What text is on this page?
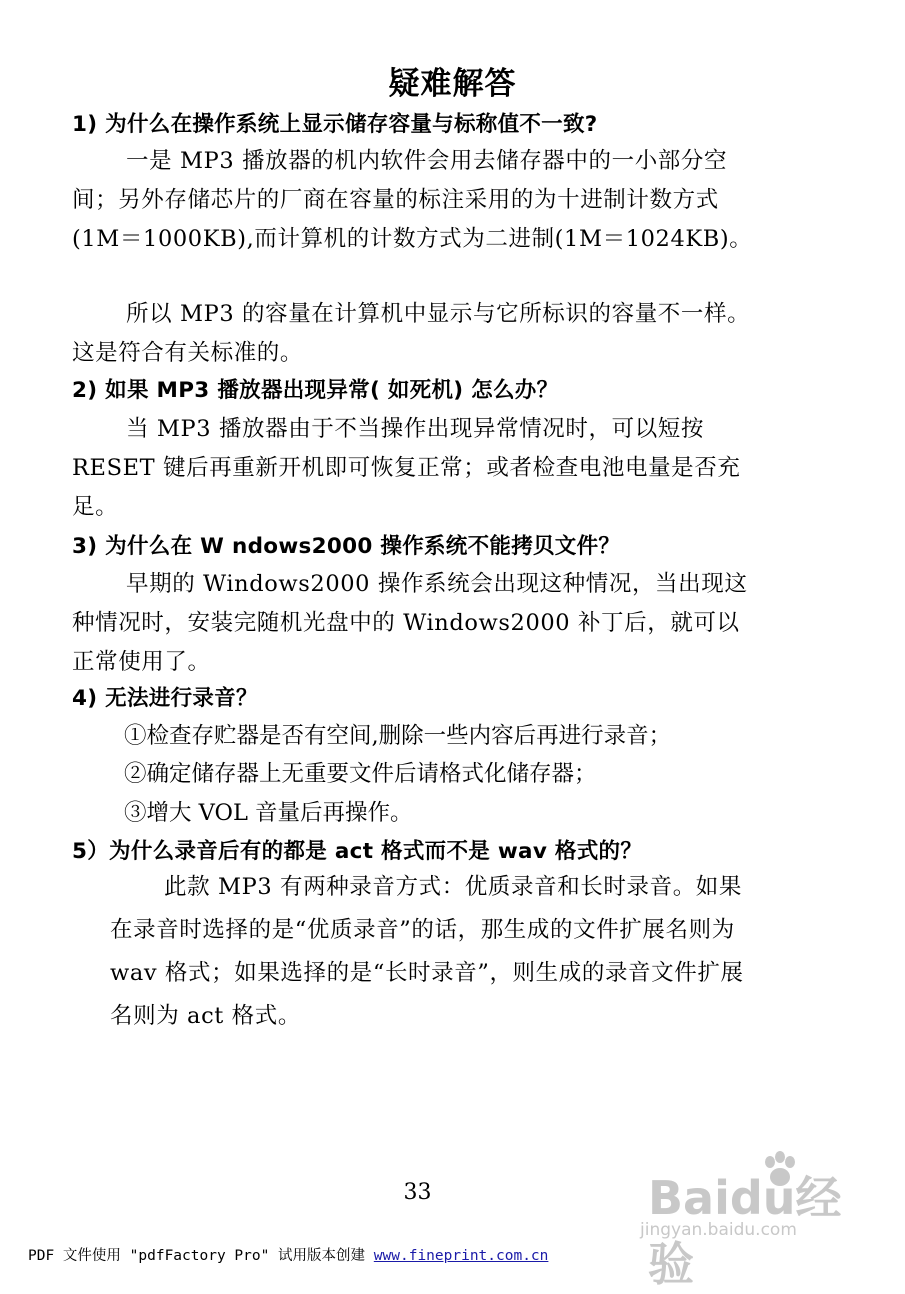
疑难解答
1) 为什么在操作系统上显示储存容量与标称值不一致?
一是 MP3 播放器的机内软件会用去储存器中的一小部分空间；另外存储芯片的厂商在容量的标注采用的为十进制计数方式(1M＝1000KB),而计算机的计数方式为二进制(1M＝1024KB)。
所以 MP3 的容量在计算机中显示与它所标识的容量不一样。这是符合有关标准的。
2) 如果 MP3 播放器出现异常( 如死机) 怎么办？
当 MP3 播放器由于不当操作出现异常情况时，可以短按 RESET 键后再重新开机即可恢复正常；或者检查电池电量是否充足。
3) 为什么在 W ndows2000 操作系统不能拷贝文件？
早期的 Windows2000 操作系统会出现这种情况，当出现这种情况时，安装完随机光盘中的 Windows2000 补丁后，就可以正常使用了。
4) 无法进行录音？
①检查存贮器是否有空间,删除一些内容后再进行录音；
②确定储存器上无重要文件后请格式化储存器；
③增大 VOL 音量后再操作。
5）为什么录音后有的都是 act 格式而不是 wav 格式的？
此款 MP3 有两种录音方式：优质录音和长时录音。如果在录音时选择的是“优质录音”的话，那生成的文件扩展名则为 wav 格式；如果选择的是“长时录音”，则生成的录音文件扩展名则为 act 格式。
33	Baidu经验
jingyan.baidu.com
PDF 文件使用 "pdfFactory Pro" 试用版本创建 www.fineprint.com.cn
